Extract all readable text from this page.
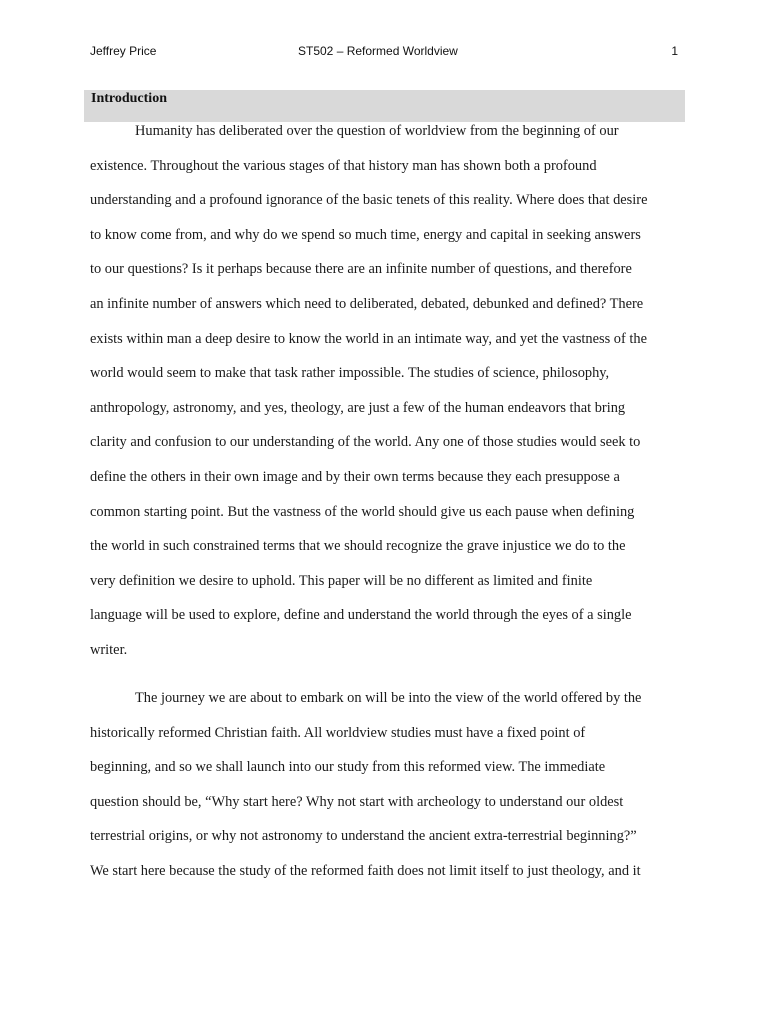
Jeffrey Price	ST502 – Reformed Worldview	1
Introduction
Humanity has deliberated over the question of worldview from the beginning of our
existence. Throughout the various stages of that history man has shown both a profound
understanding and a profound ignorance of the basic tenets of this reality. Where does that desire
to know come from, and why do we spend so much time, energy and capital in seeking answers
to our questions? Is it perhaps because there are an infinite number of questions, and therefore
an infinite number of answers which need to deliberated, debated, debunked and defined? There
exists within man a deep desire to know the world in an intimate way, and yet the vastness of the
world would seem to make that task rather impossible. The studies of science, philosophy,
anthropology, astronomy, and yes, theology, are just a few of the human endeavors that bring
clarity and confusion to our understanding of the world. Any one of those studies would seek to
define the others in their own image and by their own terms because they each presuppose a
common starting point. But the vastness of the world should give us each pause when defining
the world in such constrained terms that we should recognize the grave injustice we do to the
very definition we desire to uphold. This paper will be no different as limited and finite
language will be used to explore, define and understand the world through the eyes of a single
writer.
The journey we are about to embark on will be into the view of the world offered by the
historically reformed Christian faith. All worldview studies must have a fixed point of
beginning, and so we shall launch into our study from this reformed view. The immediate
question should be, “Why start here? Why not start with archeology to understand our oldest
terrestrial origins, or why not astronomy to understand the ancient extra-terrestrial beginning?”
We start here because the study of the reformed faith does not limit itself to just theology, and it
